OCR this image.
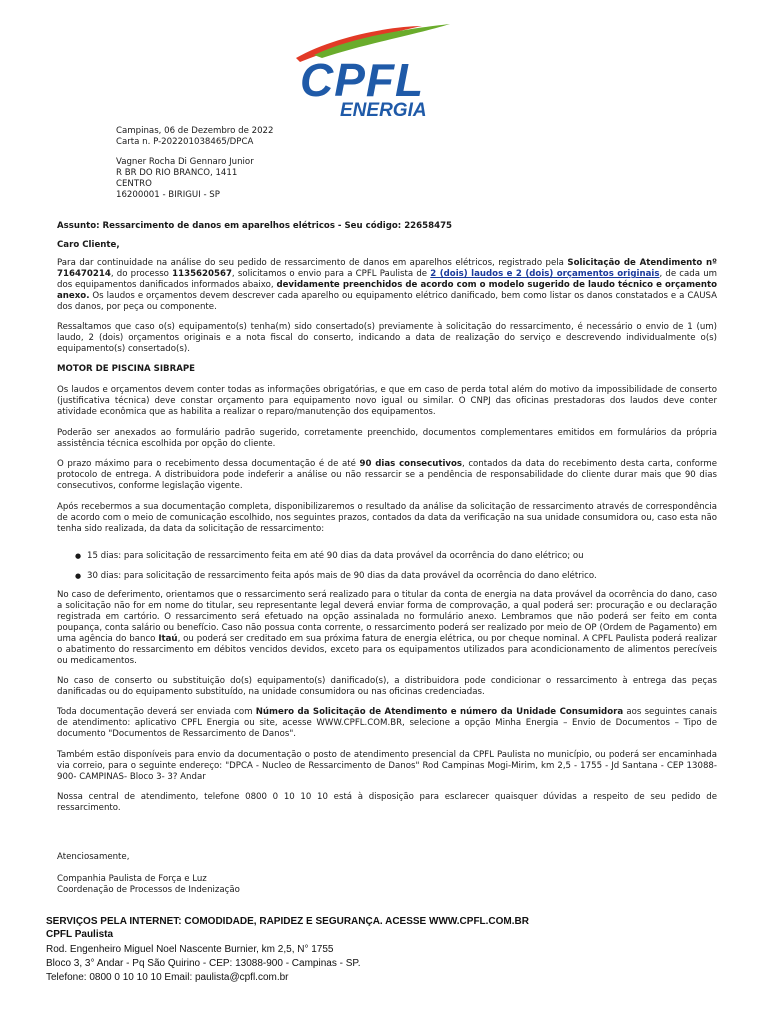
CPFL
ENERGIA
Campinas, 06 de Dezembro de 2022
Carta n. P-202201038465/DPCA
Vagner Rocha Di Gennaro Junior
R BR DO RIO BRANCO, 1411
CENTRO
16200001 - BIRIGUI - SP

Assunto: Ressarcimento de danos em aparelhos elétricos - Seu código: 22658475

Caro Cliente,

Para dar continuidade na análise do seu pedido de ressarcimento de danos em aparelhos elétricos, registrado pela Solicitação de Atendimento nº 716470214, do processo 1135620567, solicitamos o envio para a CPFL Paulista de 2 (dois) laudos e 2 (dois) orçamentos originais, de cada um dos equipamentos danificados informados abaixo, devidamente preenchidos de acordo com o modelo sugerido de laudo técnico e orçamento anexo. Os laudos e orçamentos devem descrever cada aparelho ou equipamento elétrico danificado, bem como listar os danos constatados e a CAUSA dos danos, por peça ou componente.

Ressaltamos que caso o(s) equipamento(s) tenha(m) sido consertado(s) previamente à solicitação do ressarcimento, é necessário o envio de 1 (um) laudo, 2 (dois) orçamentos originais e a nota fiscal do conserto, indicando a data de realização do serviço e descrevendo individualmente o(s) equipamento(s) consertado(s).

MOTOR DE PISCINA SIBRAPE

Os laudos e orçamentos devem conter todas as informações obrigatórias, e que em caso de perda total além do motivo da impossibilidade de conserto (justificativa técnica) deve constar orçamento para equipamento novo igual ou similar. O CNPJ das oficinas prestadoras dos laudos deve conter atividade econômica que as habilita a realizar o reparo/manutenção dos equipamentos.

Poderão ser anexados ao formulário padrão sugerido, corretamente preenchido, documentos complementares emitidos em formulários da própria assistência técnica escolhida por opção do cliente.

O prazo máximo para o recebimento dessa documentação é de até 90 dias consecutivos, contados da data do recebimento desta carta, conforme protocolo de entrega. A distribuidora pode indeferir a análise ou não ressarcir se a pendência de responsabilidade do cliente durar mais que 90 dias consecutivos, conforme legislação vigente.

Após recebermos a sua documentação completa, disponibilizaremos o resultado da análise da solicitação de ressarcimento através de correspondência de acordo com o meio de comunicação escolhido, nos seguintes prazos, contados da data da verificação na sua unidade consumidora ou, caso esta não tenha sido realizada, da data da solicitação de ressarcimento:

● 15 dias: para solicitação de ressarcimento feita em até 90 dias da data provável da ocorrência do dano elétrico; ou
● 30 dias: para solicitação de ressarcimento feita após mais de 90 dias da data provável da ocorrência do dano elétrico.

No caso de deferimento, orientamos que o ressarcimento será realizado para o titular da conta de energia na data provável da ocorrência do dano, caso a solicitação não for em nome do titular, seu representante legal deverá enviar forma de comprovação, a qual poderá ser: procuração e ou declaração registrada em cartório. O ressarcimento será efetuado na opção assinalada no formulário anexo. Lembramos que não poderá ser feito em conta poupança, conta salário ou benefício. Caso não possua conta corrente, o ressarcimento poderá ser realizado por meio de OP (Ordem de Pagamento) em uma agência do banco Itaú, ou poderá ser creditado em sua próxima fatura de energia elétrica, ou por cheque nominal. A CPFL Paulista poderá realizar o abatimento do ressarcimento em débitos vencidos devidos, exceto para os equipamentos utilizados para acondicionamento de alimentos perecíveis ou medicamentos.

No caso de conserto ou substituição do(s) equipamento(s) danificado(s), a distribuidora pode condicionar o ressarcimento à entrega das peças danificadas ou do equipamento substituído, na unidade consumidora ou nas oficinas credenciadas.

Toda documentação deverá ser enviada com Número da Solicitação de Atendimento e número da Unidade Consumidora aos seguintes canais de atendimento: aplicativo CPFL Energia ou site, acesse WWW.CPFL.COM.BR, selecione a opção Minha Energia – Envio de Documentos – Tipo de documento "Documentos de Ressarcimento de Danos".

Também estão disponíveis para envio da documentação o posto de atendimento presencial da CPFL Paulista no município, ou poderá ser encaminhada via correio, para o seguinte endereço: "DPCA - Nucleo de Ressarcimento de Danos" Rod Campinas Mogi-Mirim, km 2,5 - 1755 - Jd Santana - CEP 13088-900- CAMPINAS- Bloco 3- 3? Andar

Nossa central de atendimento, telefone 0800 0 10 10 10 está à disposição para esclarecer quaisquer dúvidas a respeito de seu pedido de ressarcimento.

Atenciosamente,
Companhia Paulista de Força e Luz
Coordenação de Processos de Indenização
SERVIÇOS PELA INTERNET: COMODIDADE, RAPIDEZ E SEGURANÇA. ACESSE WWW.CPFL.COM.BR
CPFL Paulista
Rod. Engenheiro Miguel Noel Nascente Burnier, km 2,5, N° 1755
Bloco 3, 3° Andar - Pq São Quirino - CEP: 13088-900 - Campinas - SP.
Telefone: 0800 0 10 10 10 Email: paulista@cpfl.com.br
